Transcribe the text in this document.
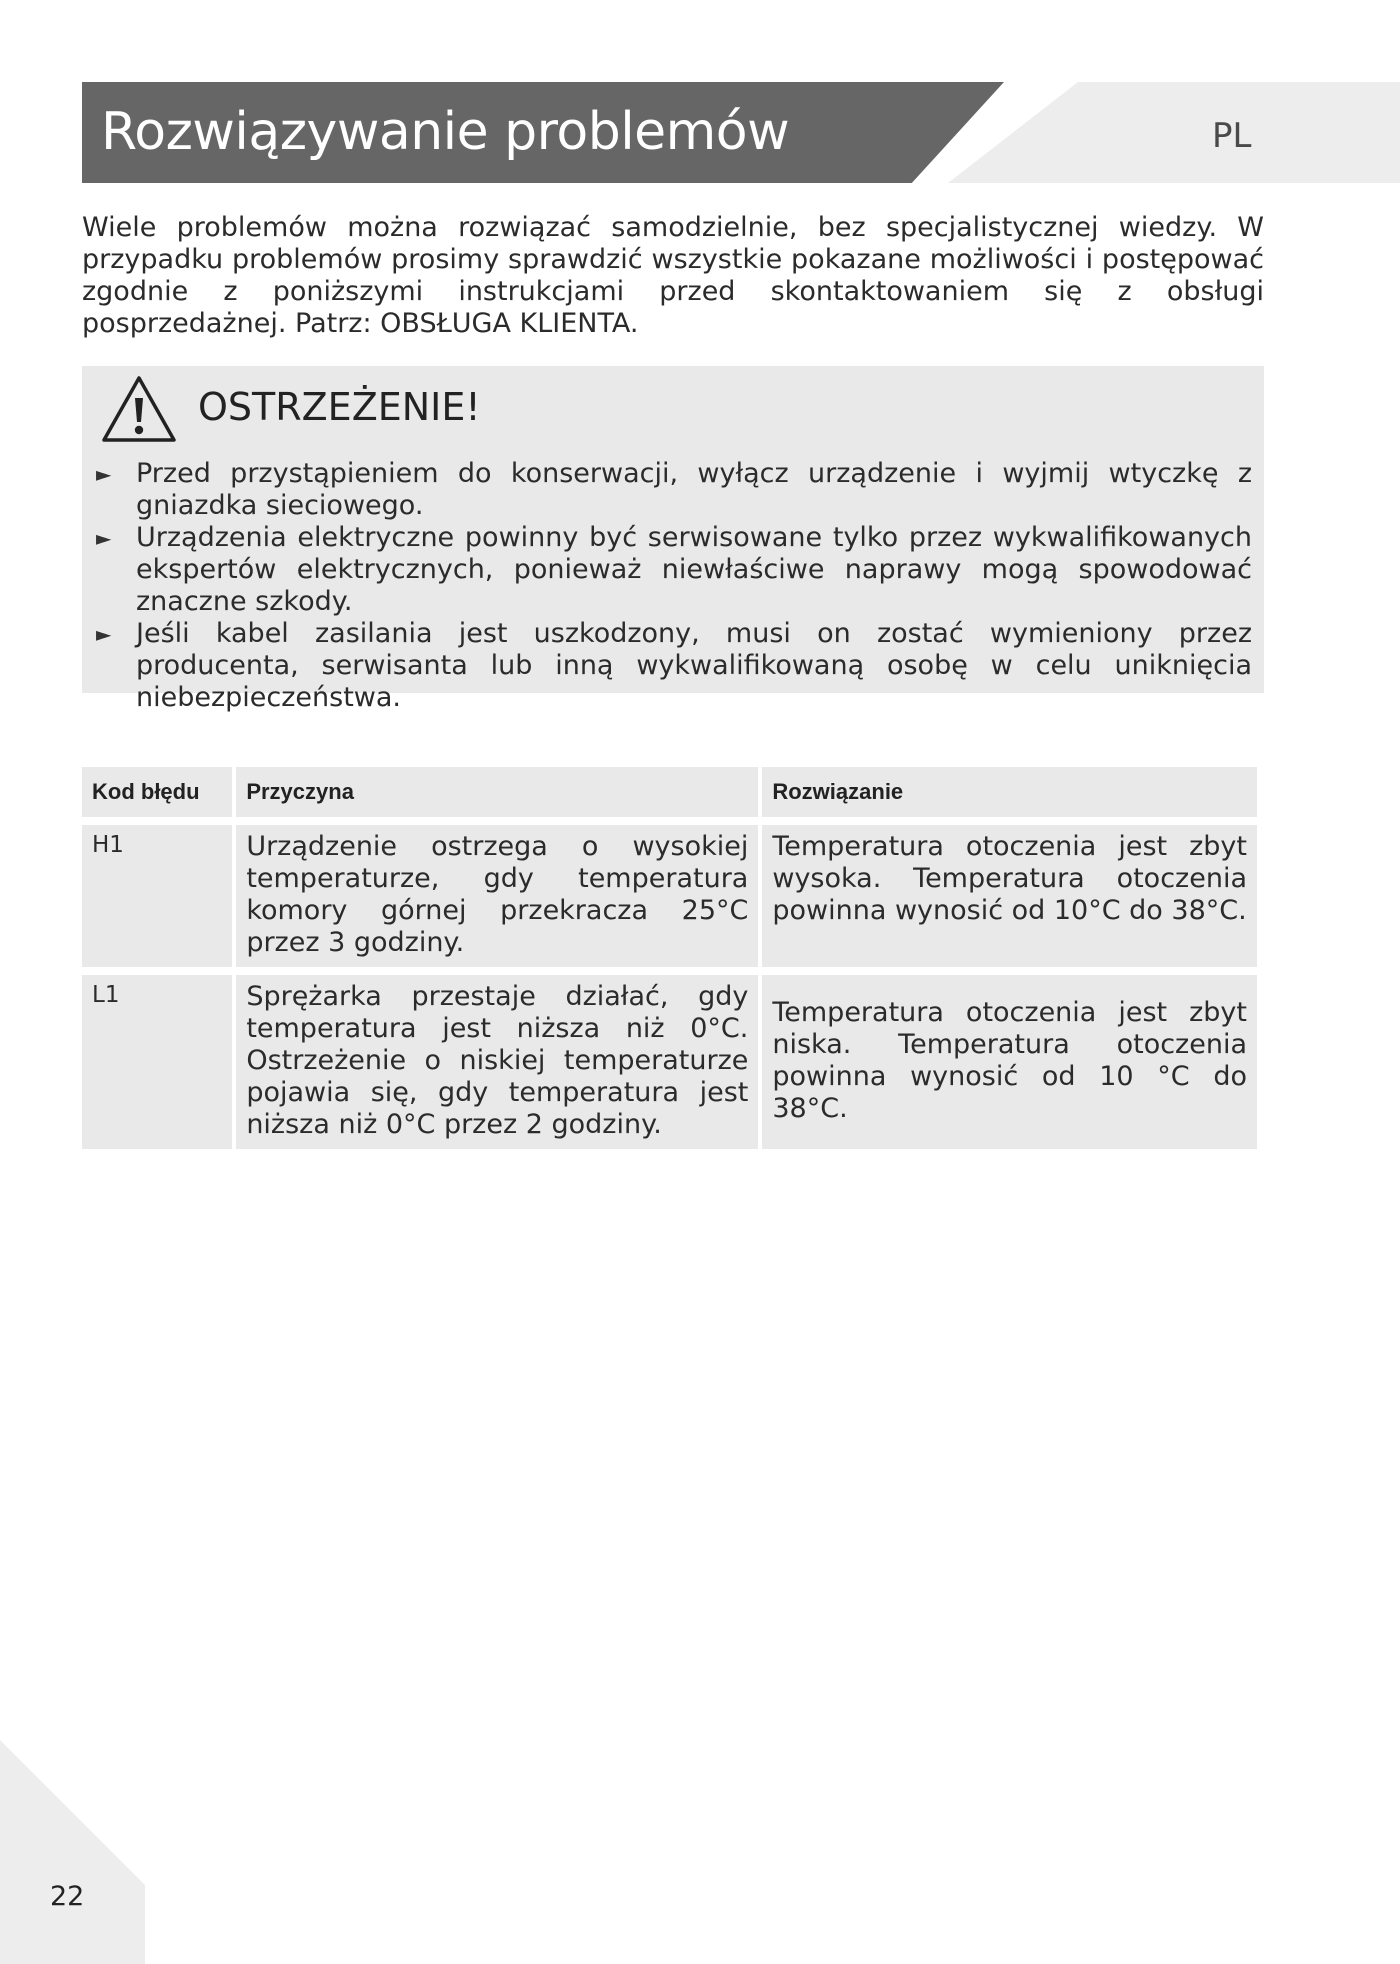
Rozwiązywanie problemów	PL

Wiele problemów można rozwiązać samodzielnie, bez specjalistycznej wiedzy. W przypadku problemów prosimy sprawdzić wszystkie pokazane możliwości i postępować zgodnie z poniższymi instrukcjami przed skontaktowaniem się z obsługi posprzedażnej. Patrz: OBSŁUGA KLIENTA.

OSTRZEŻENIE!
► Przed przystąpieniem do konserwacji, wyłącz urządzenie i wyjmij wtyczkę z gniazdka sieciowego.
► Urządzenia elektryczne powinny być serwisowane tylko przez wykwalifikowanych ekspertów elektrycznych, ponieważ niewłaściwe naprawy mogą spowodować znaczne szkody.
► Jeśli kabel zasilania jest uszkodzony, musi on zostać wymieniony przez producenta, serwisanta lub inną wykwalifikowaną osobę w celu uniknięcia niebezpieczeństwa.
Kod błędu	Przyczyna	Rozwiązanie
H1	Urządzenie ostrzega o wysokiej temperaturze, gdy temperatura komory górnej przekracza 25°C przez 3 godziny.	Temperatura otoczenia jest zbyt wysoka. Temperatura otoczenia powinna wynosić od 10°C do 38°C.
L1	Sprężarka przestaje działać, gdy temperatura jest niższa niż 0°C. Ostrzeżenie o niskiej temperaturze pojawia się, gdy temperatura jest niższa niż 0°C przez 2 godziny.	Temperatura otoczenia jest zbyt niska. Temperatura otoczenia powinna wynosić od 10 °C do 38°C.
22
